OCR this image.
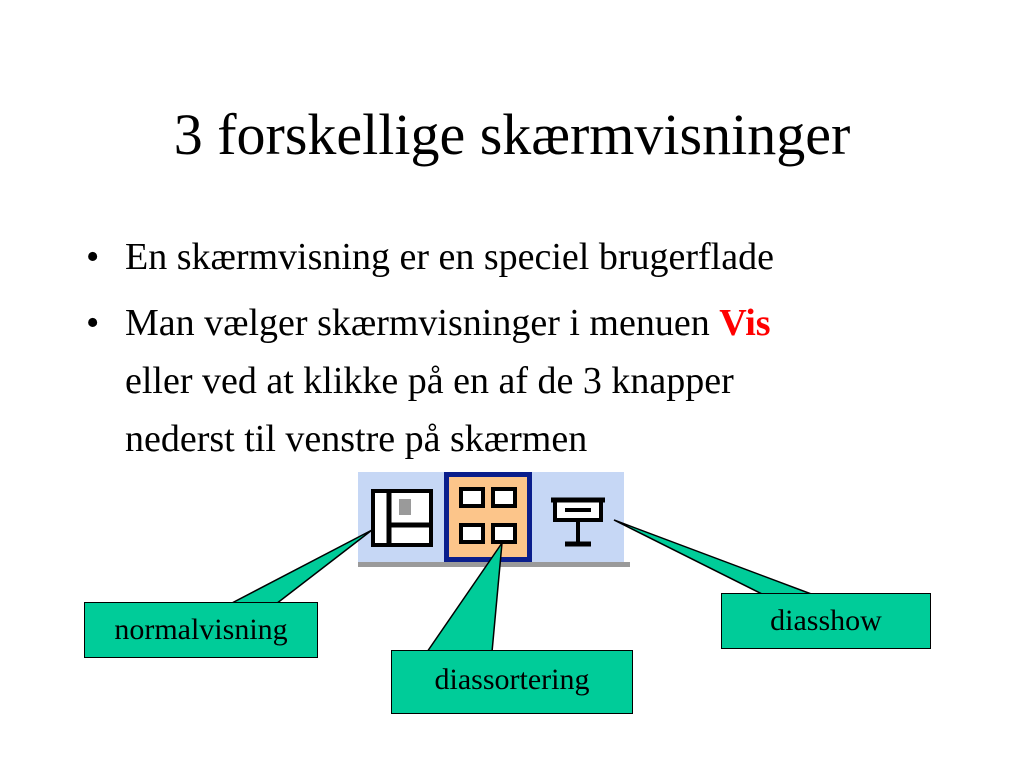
3 forskellige skærmvisninger
• En skærmvisning er en speciel brugerflade
• Man vælger skærmvisninger i menuen Vis
eller ved at klikke på en af de 3 knapper
nederst til venstre på skærmen
normalvisning
diassortering
diasshow
